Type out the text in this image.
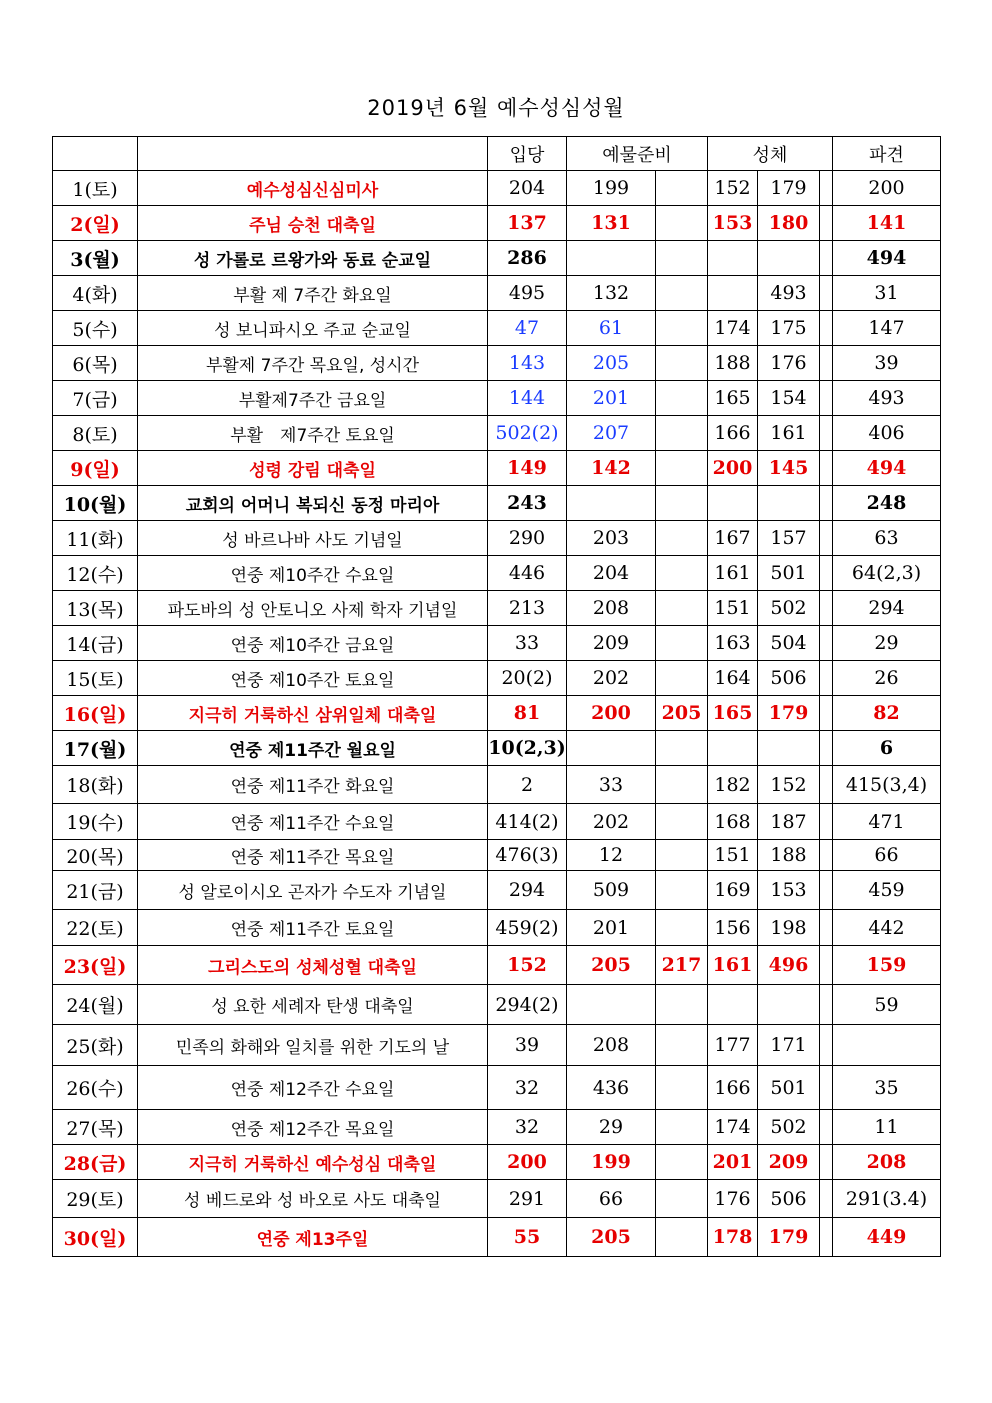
2019년 6월 예수성심성월
		입당	예물준비		성체			파견
1(토)	예수성심신심미사	204	199		152	179		200
2(일)	주님 승천 대축일	137	131		153	180		141
3(월)	성 가롤로 르왕가와 동료 순교일	286						494
4(화)	부활 제 7주간 화요일	495	132			493		31
5(수)	성 보니파시오 주교 순교일	47	61		174	175		147
6(목)	부활제 7주간 목요일, 성시간	143	205		188	176		39
7(금)	부활제7주간 금요일	144	201		165	154		493
8(토)	부활　제7주간 토요일	502(2)	207		166	161		406
9(일)	성령 강림 대축일	149	142		200	145		494
10(월)	교회의 어머니 복되신 동정 마리아	243						248
11(화)	성 바르나바 사도 기념일	290	203		167	157		63
12(수)	연중 제10주간 수요일	446	204		161	501		64(2,3)
13(목)	파도바의 성 안토니오 사제 학자 기념일	213	208		151	502		294
14(금)	연중 제10주간 금요일	33	209		163	504		29
15(토)	연중 제10주간 토요일	20(2)	202		164	506		26
16(일)	지극히 거룩하신 삼위일체 대축일	81	200	205	165	179		82
17(월)	연중 제11주간 월요일	10(2,3)						6
18(화)	연중 제11주간 화요일	2	33		182	152		415(3,4)
19(수)	연중 제11주간 수요일	414(2)	202		168	187		471
20(목)	연중 제11주간 목요일	476(3)	12		151	188		66
21(금)	성 알로이시오 곤자가 수도자 기념일	294	509		169	153		459
22(토)	연중 제11주간 토요일	459(2)	201		156	198		442
23(일)	그리스도의 성체성혈 대축일	152	205	217	161	496		159
24(월)	성 요한 세례자 탄생 대축일	294(2)						59
25(화)	민족의 화해와 일치를 위한 기도의 날	39	208		177	171		
26(수)	연중 제12주간 수요일	32	436		166	501		35
27(목)	연중 제12주간 목요일	32	29		174	502		11
28(금)	지극히 거룩하신 예수성심 대축일	200	199		201	209		208
29(토)	성 베드로와 성 바오로 사도 대축일	291	66		176	506		291(3.4)
30(일)	연중 제13주일	55	205		178	179		449
